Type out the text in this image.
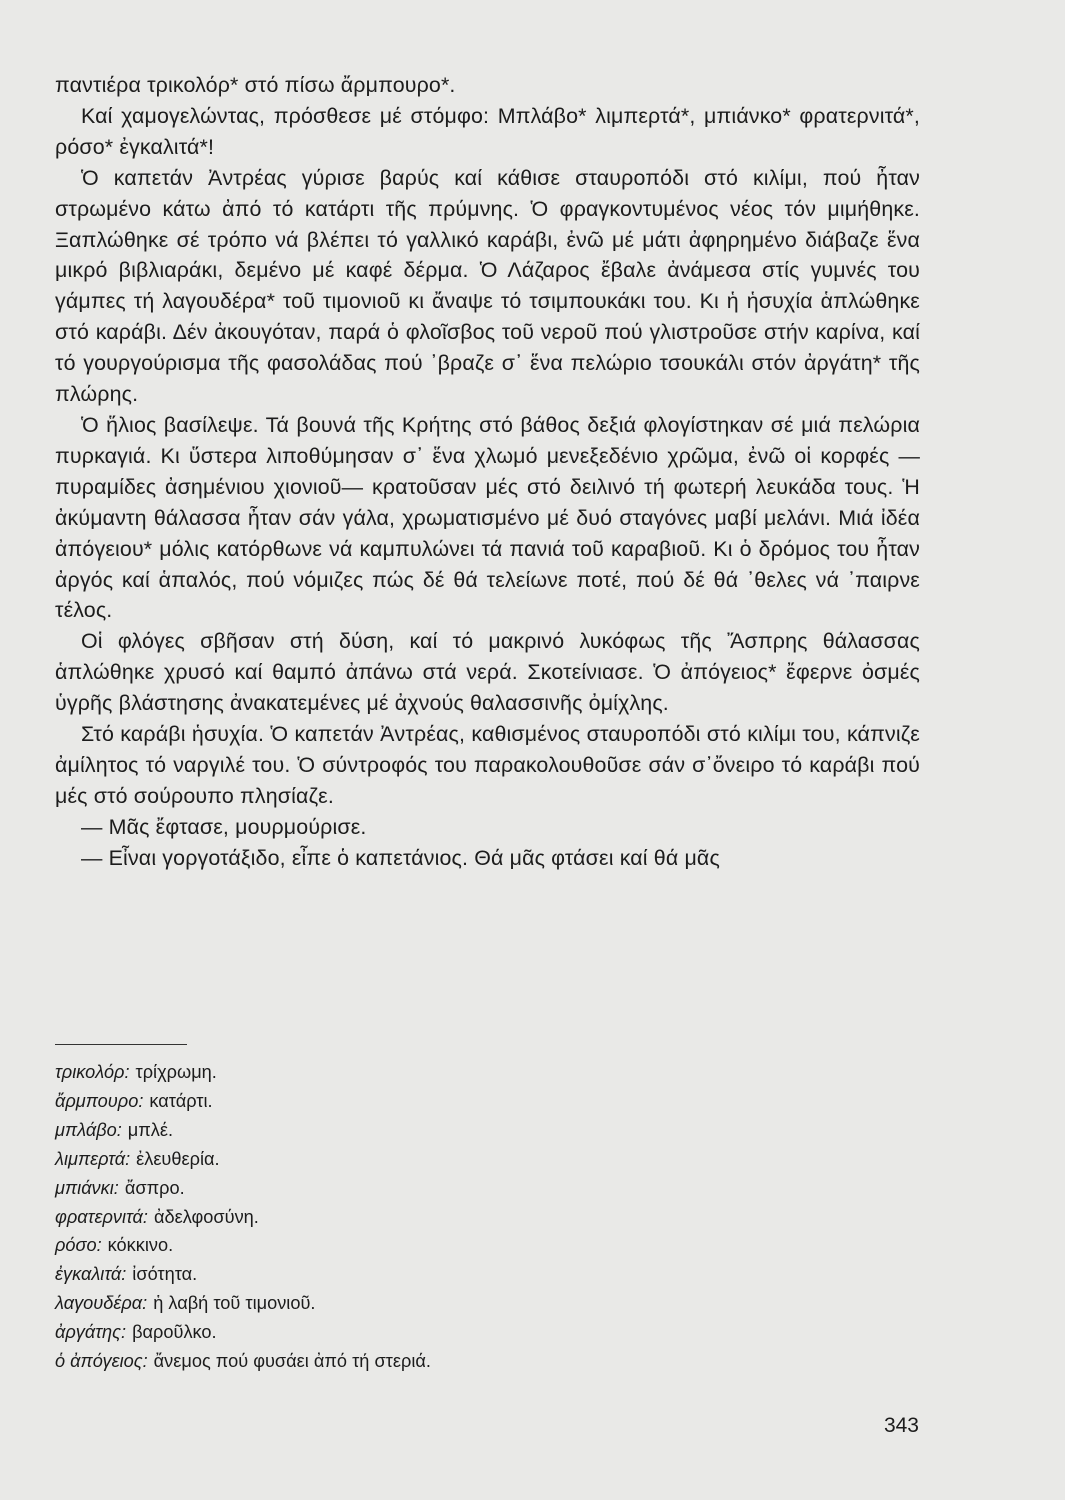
παντιέρα τρικολόρ* στό πίσω ἄρμπουρο*.

Καί χαμογελώντας, πρόσθεσε μέ στόμφο: Μπλάβο* λιμπερτά*, μπιάνκο* φρατερνιτά*, ρόσο* ἐγκαλιτά*!

Ὁ καπετάν Ἀντρέας γύρισε βαρύς καί κάθισε σταυροπόδι στό κιλίμι, πού ἦταν στρωμένο κάτω ἀπό τό κατάρτι τῆς πρύμνης. Ὁ φραγκοντυμένος νέος τόν μιμήθηκε. Ξαπλώθηκε σέ τρόπο νά βλέπει τό γαλλικό καράβι, ἐνῶ μέ μάτι ἀφηρημένο διάβαζε ἕνα μικρό βιβλιαράκι, δεμένο μέ καφέ δέρμα. Ὁ Λάζαρος ἔβαλε ἀνάμεσα στίς γυμνές του γάμπες τή λαγουδέρα* τοῦ τιμονιοῦ κι ἄναψε τό τσιμπουκάκι του. Κι ἡ ἡσυχία ἁπλώθηκε στό καράβι. Δέν ἀκουγόταν, παρά ὁ φλοῖσβος τοῦ νεροῦ πού γλιστροῦσε στήν καρίνα, καί τό γουργούρισμα τῆς φασολάδας πού ᾿βραζε σ᾿ ἕνα πελώριο τσουκάλι στόν ἀργάτη* τῆς πλώρης.

Ὁ ἥλιος βασίλεψε. Τά βουνά τῆς Κρήτης στό βάθος δεξιά φλογίστηκαν σέ μιά πελώρια πυρκαγιά. Κι ὕστερα λιποθύμησαν σ᾿ ἕνα χλωμό μενεξεδένιο χρῶμα, ἐνῶ οἱ κορφές —πυραμίδες ἀσημένιου χιονιοῦ— κρατοῦσαν μές στό δειλινό τή φωτερή λευκάδα τους. Ἡ ἀκύμαντη θάλασσα ἦταν σάν γάλα, χρωματισμένο μέ δυό σταγόνες μαβί μελάνι. Μιά ἰδέα ἀπόγειου* μόλις κατόρθωνε νά καμπυλώνει τά πανιά τοῦ καραβιοῦ. Κι ὁ δρόμος του ἦταν ἀργός καί ἁπαλός, πού νόμιζες πώς δέ θά τελείωνε ποτέ, πού δέ θά ᾿θελες νά ᾿παιρνε τέλος.

Οἱ φλόγες σβῆσαν στή δύση, καί τό μακρινό λυκόφως τῆς Ἄσπρης θάλασσας ἁπλώθηκε χρυσό καί θαμπό ἀπάνω στά νερά. Σκοτείνιασε. Ὁ ἀπόγειος* ἔφερνε ὀσμές ὑγρῆς βλάστησης ἀνακατεμένες μέ ἀχνούς θαλασσινῆς ὀμίχλης.

Στό καράβι ἡσυχία. Ὁ καπετάν Ἀντρέας, καθισμένος σταυροπόδι στό κιλίμι του, κάπνιζε ἀμίλητος τό ναργιλέ του. Ὁ σύντροφός του παρακολουθοῦσε σάν σ᾿ὄνειρο τό καράβι πού μές στό σούρουπο πλησίαζε.

— Μᾶς ἔφτασε, μουρμούρισε.

— Εἶναι γοργοτάξιδο, εἶπε ὁ καπετάνιος. Θά μᾶς φτάσει καί θά μᾶς

τρικολόρ: τρίχρωμη.
ἄρμπουρο: κατάρτι.
μπλάβο: μπλέ.
λιμπερτά: ἐλευθερία.
μπιάνκι: ἄσπρο.
φρατερνιτά: ἀδελφοσύνη.
ρόσο: κόκκινο.
ἐγκαλιτά: ἰσότητα.
λαγουδέρα: ἡ λαβή τοῦ τιμονιοῦ.
ἀργάτης: βαροῦλκο.
ὁ ἀπόγειος: ἄνεμος πού φυσάει ἀπό τή στεριά.
343
